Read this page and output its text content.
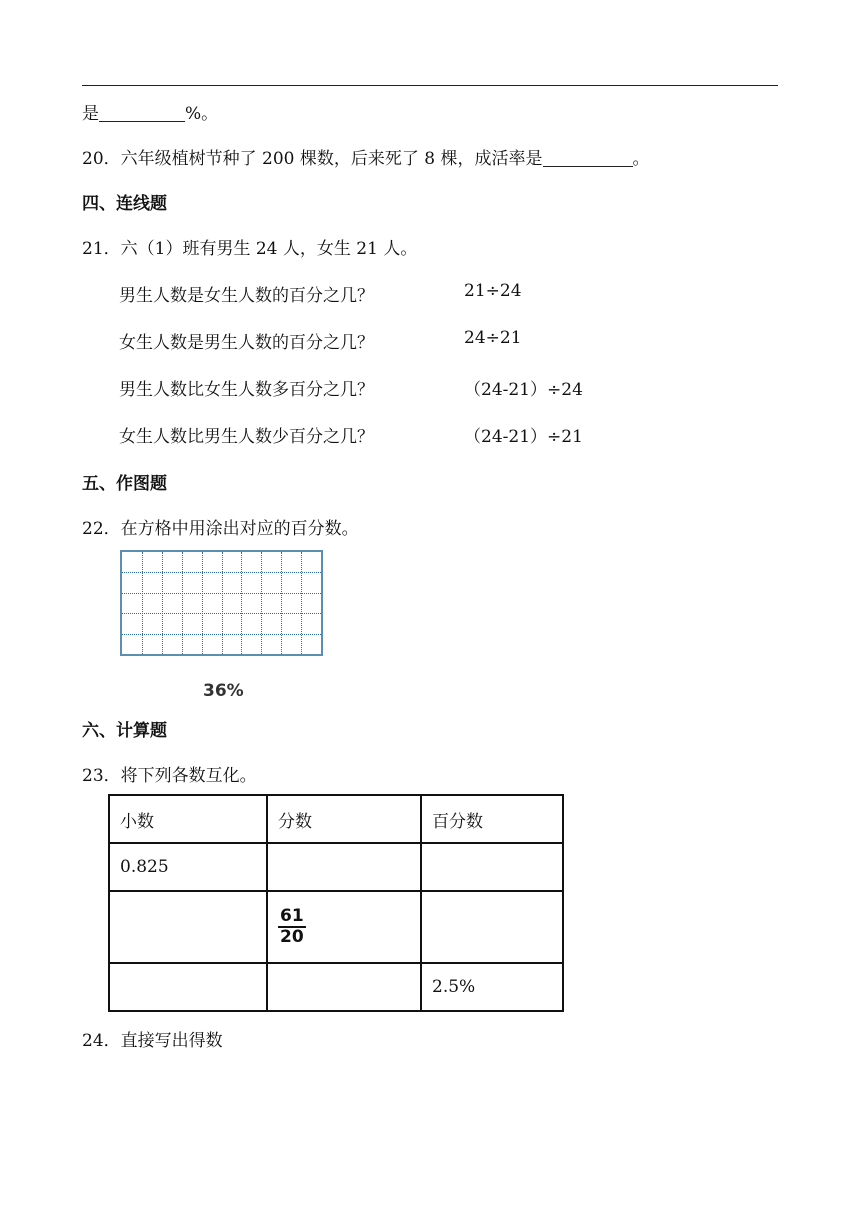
是	%。
20．六年级植树节种了 200 棵数，后来死了 8 棵，成活率是	。
四、连线题
21．六（1）班有男生 24 人，女生 21 人。
男生人数是女生人数的百分之几？	21÷24
女生人数是男生人数的百分之几？	24÷21
男生人数比女生人数多百分之几？	（24-21）÷24
女生人数比男生人数少百分之几？	（24-21）÷21
五、作图题
22．在方格中用涂出对应的百分数。
36%
六、计算题
23．将下列各数互化。
小数	分数	百分数
0.825		

	$\frac{61}{20}$

		2.5%
24．直接写出得数
